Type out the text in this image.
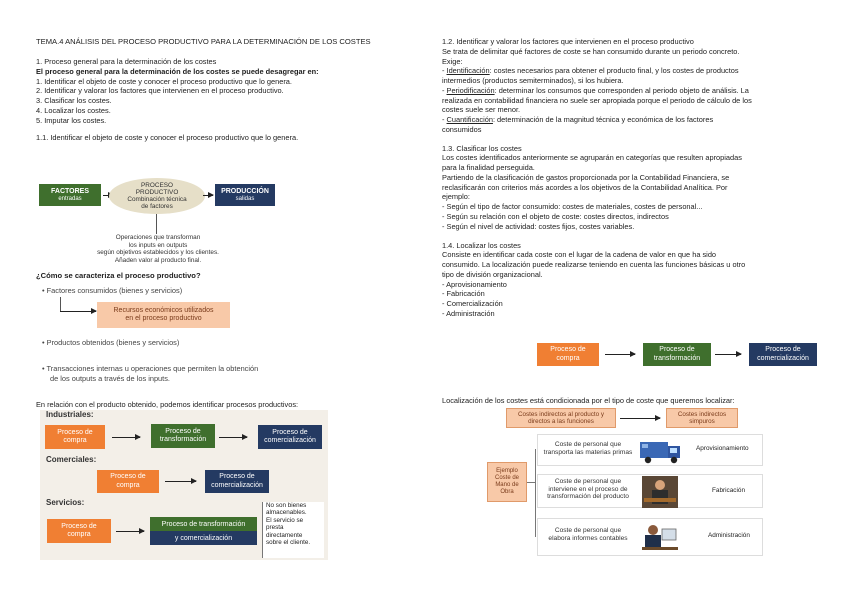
TEMA.4 ANÁLISIS DEL PROCESO PRODUCTIVO PARA LA DETERMINACIÓN DE LOS COSTES

1. Proceso general para la determinación de los costes

El proceso general para la determinación de los costes se puede desagregar en:

1. Identificar el objeto de coste y conocer el proceso productivo que lo genera.

2. Identificar y valorar los factores que intervienen en el proceso productivo.

3. Clasificar los costes.

4. Localizar los costes.

5. Imputar los costes.

1.1. Identificar el objeto de coste y conocer el proceso productivo que lo genera.

FACTORES
entradas
PROCESO
PRODUCTIVO
Combinación técnica
de factores
PRODUCCIÓN
salidas
Operaciones que transforman
los inputs en outputs
según objetivos establecidos y los clientes.
Añaden valor al producto final.

¿Cómo se caracteriza el proceso productivo?

• Factores consumidos (bienes y servicios)

Recursos económicos utilizados
en el proceso productivo

• Productos obtenidos (bienes y servicios)

• Transacciones internas u operaciones que permiten la obtención
de los outputs a través de los inputs.

En relación con el producto obtenido, podemos identificar procesos productivos:

Industriales:

Proceso de
compra
Proceso de
transformación
Proceso de
comercialización

Comerciales:

Proceso de
compra
Proceso de
comercialización

Servicios:

Proceso de
compra
Proceso de transformación
y comercialización
No son bienes
almacenables.
El servicio se
presta
directamente
sobre el cliente.

1.2. Identificar y valorar los factores que intervienen en el proceso productivo

Se trata de delimitar qué factores de coste se han consumido durante un periodo concreto.

Exige:

- Identificación: costes necesarios para obtener el producto final, y los costes de productos

intermedios (productos semiterminados), si los hubiera.

- Periodificación: determinar los consumos que corresponden al periodo objeto de análisis. La

realizada en contabilidad financiera no suele ser apropiada porque el periodo de cálculo de los

costes suele ser menor.

- Cuantificación: determinación de la magnitud técnica y económica de los factores

consumidos

1.3. Clasificar los costes

Los costes identificados anteriormente se agruparán en categorías que resulten apropiadas

para la finalidad perseguida.

Partiendo de la clasificación de gastos proporcionada por la Contabilidad Financiera, se

reclasificarán con criterios más acordes a los objetivos de la Contabilidad Analítica. Por

ejemplo:

- Según el tipo de factor consumido: costes de materiales, costes de personal...

- Según su relación con el objeto de coste: costes directos, indirectos

- Según el nivel de actividad: costes fijos, costes variables.

1.4. Localizar los costes

Consiste en identificar cada coste con el lugar de la cadena de valor en que ha sido

consumido. La localización puede realizarse teniendo en cuenta las funciones básicas u otro

tipo de división organizacional.

- Aprovisionamiento

- Fabricación

- Comercialización

- Administración

Proceso de
compra
Proceso de
transformación
Proceso de
comercialización

Localización de los costes está condicionada por el tipo de coste que queremos localizar:

Costes indirectos al producto y
directos a las funciones
Costes indirectos
simpuros
Ejemplo
Coste de
Mano de
Obra
Coste de personal que
transporta las materias primas
Aprovisionamiento
Coste de personal que
interviene en el proceso de
transformación del producto
Fabricación
Coste de personal que
elabora informes contables	Administración
